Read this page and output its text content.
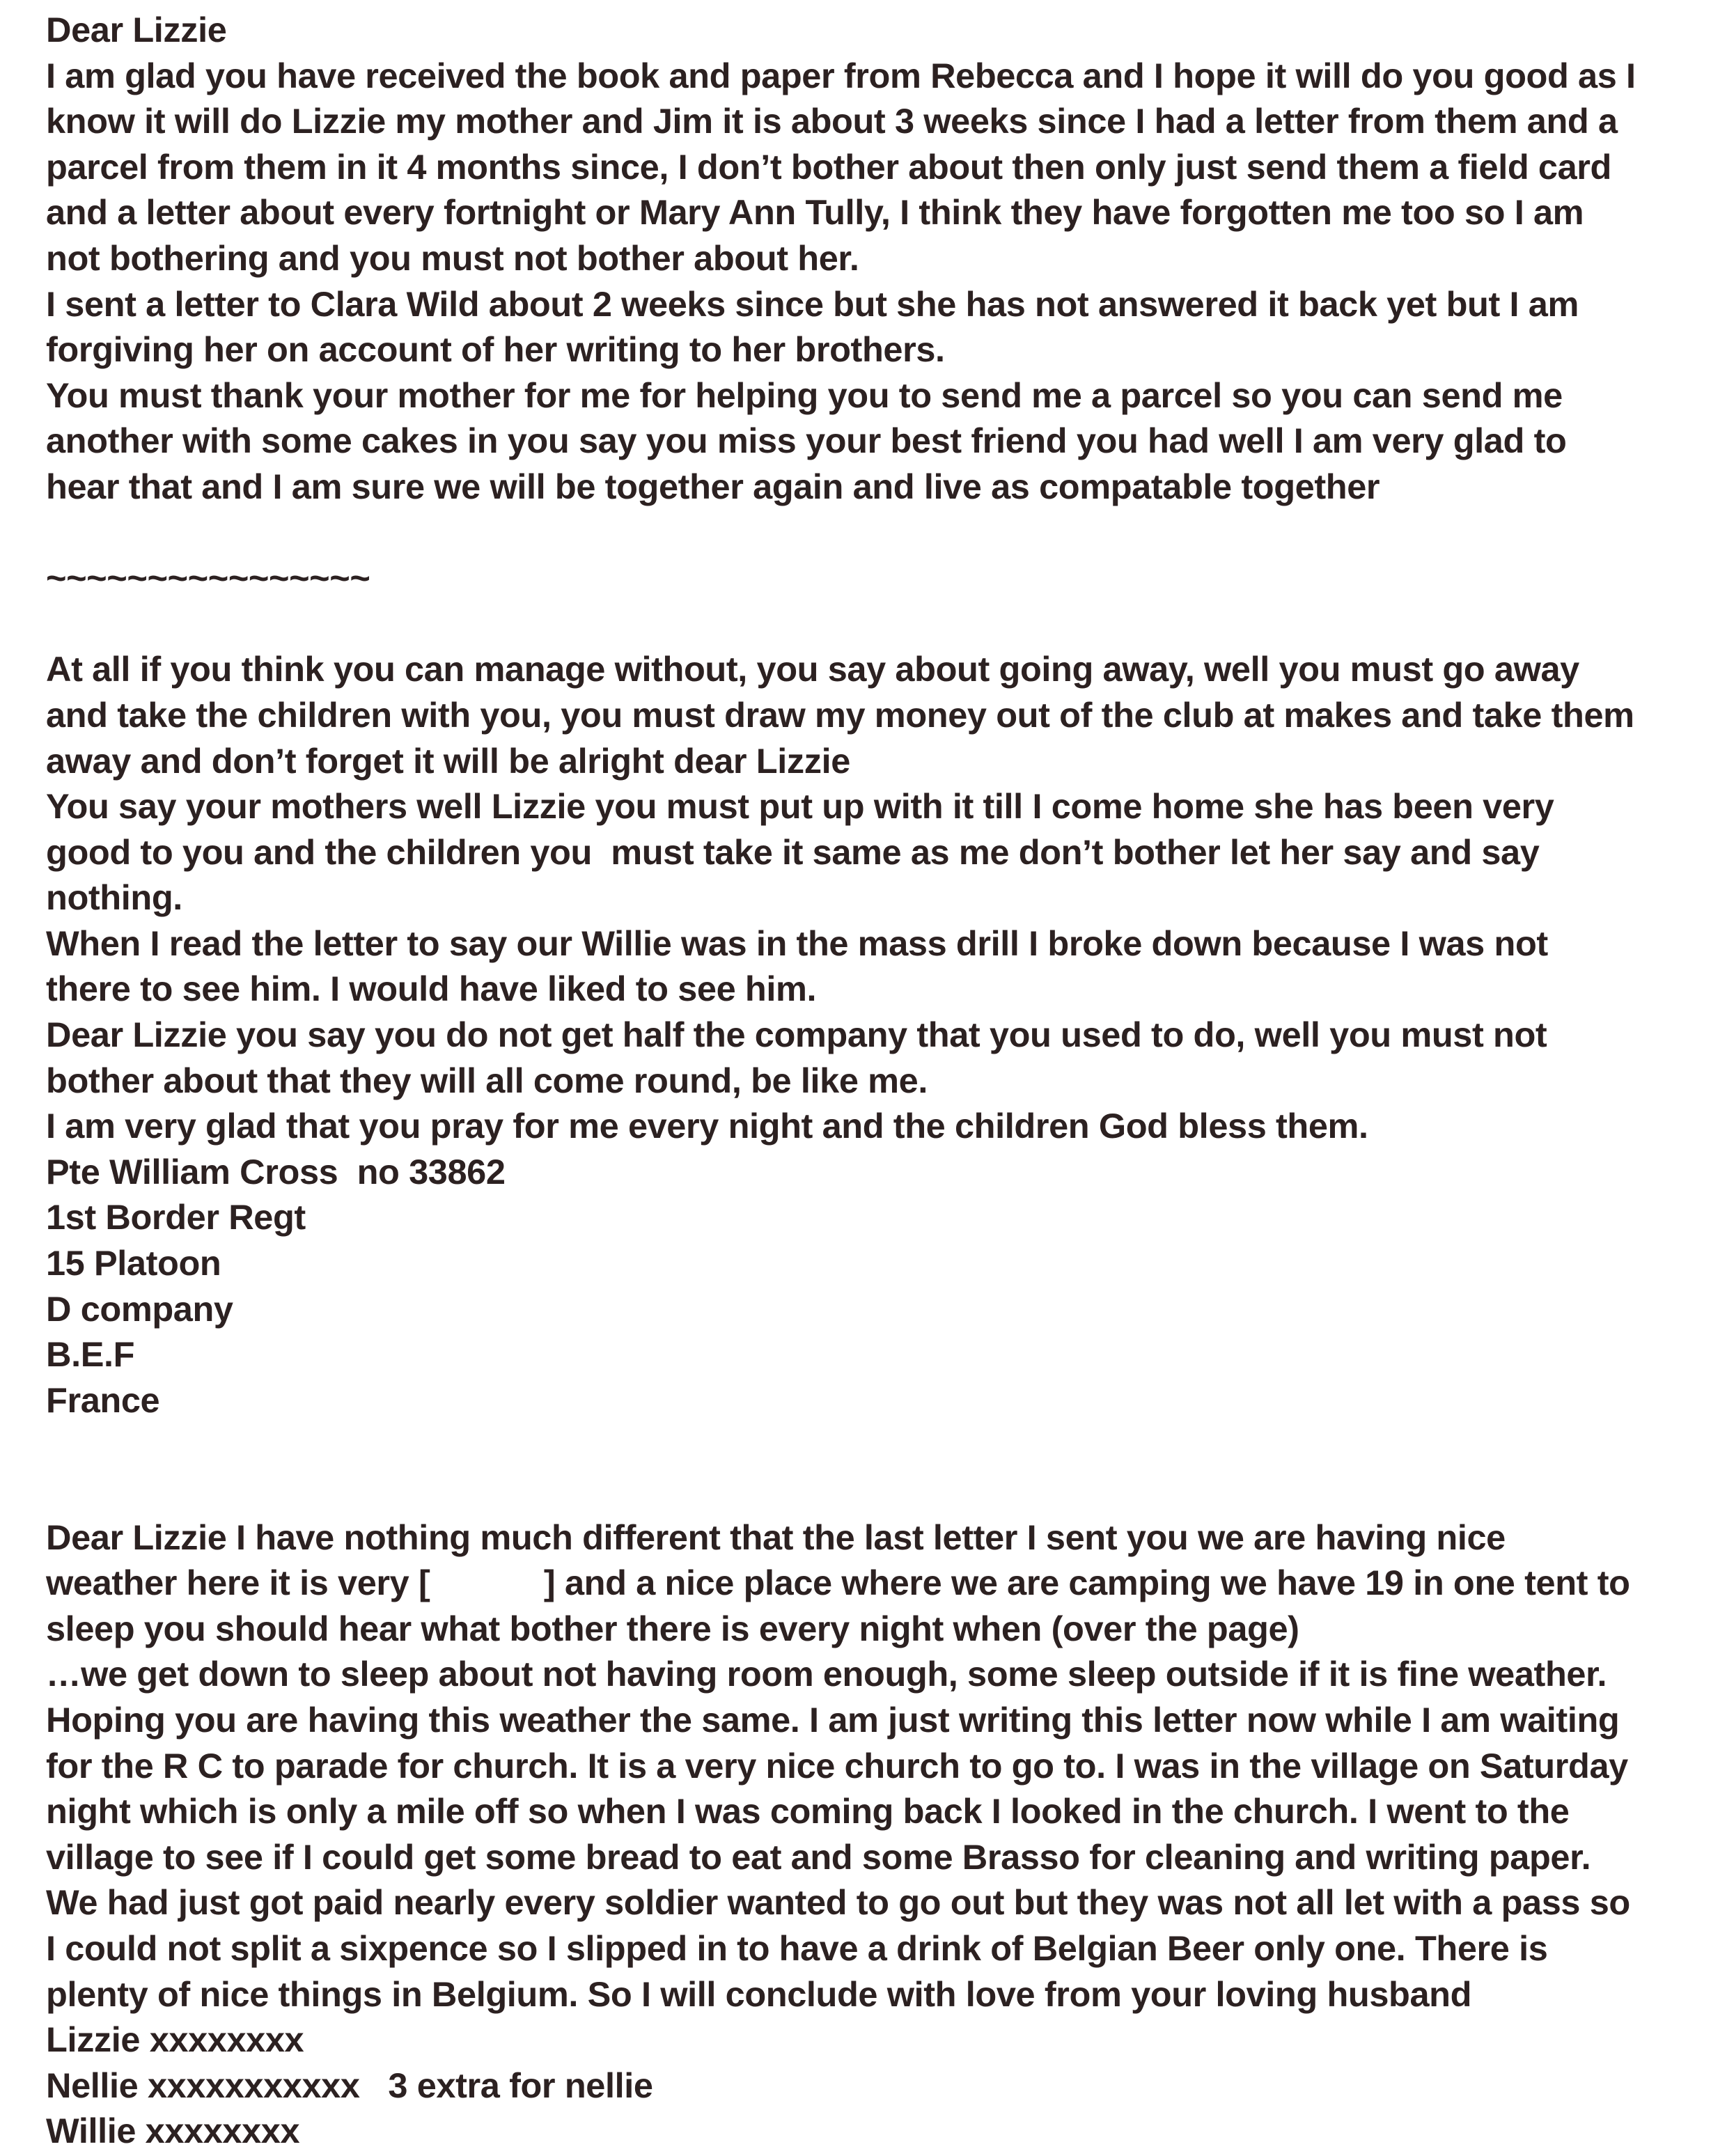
Dear Lizzie
I am glad you have received the book and paper from Rebecca and I hope it will do you good as I
know it will do Lizzie my mother and Jim it is about 3 weeks since I had a letter from them and a
parcel from them in it 4 months since, I don’t bother about then only just send them a field card
and a letter about every fortnight or Mary Ann Tully, I think they have forgotten me too so I am
not bothering and you must not bother about her.
I sent a letter to Clara Wild about 2 weeks since but she has not answered it back yet but I am
forgiving her on account of her writing to her brothers.
You must thank your mother for me for helping you to send me a parcel so you can send me
another with some cakes in you say you miss your best friend you had well I am very glad to
hear that and I am sure we will be together again and live as compatable together
~~~~~~~~~~~~~~~~
At all if you think you can manage without, you say about going away, well you must go away
and take the children with you, you must draw my money out of the club at makes and take them
away and don’t forget it will be alright dear Lizzie
You say your mothers well Lizzie you must put up with it till I come home she has been very
good to you and the children you  must take it same as me don’t bother let her say and say
nothing.
When I read the letter to say our Willie was in the mass drill I broke down because I was not
there to see him. I would have liked to see him.
Dear Lizzie you say you do not get half the company that you used to do, well you must not
bother about that they will all come round, be like me.
I am very glad that you pray for me every night and the children God bless them.
Pte William Cross  no 33862
1st Border Regt
15 Platoon
D company
B.E.F
France
Dear Lizzie I have nothing much different that the last letter I sent you we are having nice
weather here it is very [            ] and a nice place where we are camping we have 19 in one tent to
sleep you should hear what bother there is every night when (over the page)
…we get down to sleep about not having room enough, some sleep outside if it is fine weather.
Hoping you are having this weather the same. I am just writing this letter now while I am waiting
for the R C to parade for church. It is a very nice church to go to. I was in the village on Saturday
night which is only a mile off so when I was coming back I looked in the church. I went to the
village to see if I could get some bread to eat and some Brasso for cleaning and writing paper.
We had just got paid nearly every soldier wanted to go out but they was not all let with a pass so
I could not split a sixpence so I slipped in to have a drink of Belgian Beer only one. There is
plenty of nice things in Belgium. So I will conclude with love from your loving husband
Lizzie xxxxxxxx
Nellie xxxxxxxxxxx   3 extra for nellie
Willie xxxxxxxx
